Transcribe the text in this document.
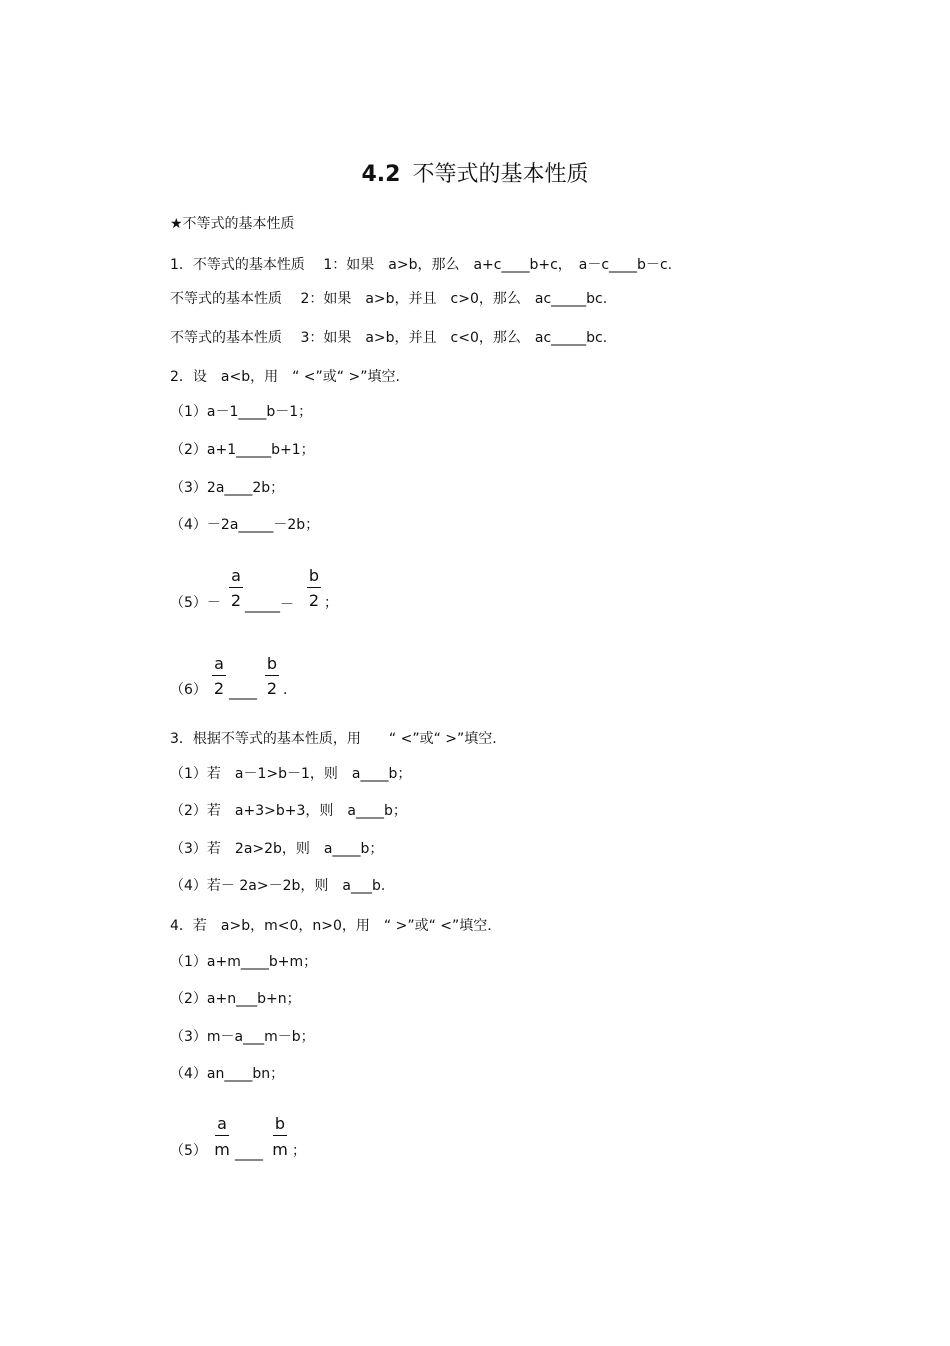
4.2 不等式的基本性质
★不等式的基本性质
1．不等式的基本性质　 1：如果　a>b，那么　a+c____b+c，　a－c____b－c.
不等式的基本性质　 2：如果　a>b，并且　c>0，那么　ac_____bc.
不等式的基本性质　 3：如果　a>b，并且　c<0，那么　ac_____bc.
2．设　a<b，用　“ <”或“ >”填空.
（1）a－1____b－1；
（2）a+1_____b+1；
（3）2a____2b；
（4）－2a_____－2b；
（5）－
a
2 _____－
b
2 ；
（6）
a
2 ____
b
2 .
3．根据不等式的基本性质，用　　“ <”或“ >”填空.
（1）若　a－1>b－1，则　a____b；
（2）若　a+3>b+3，则　a____b；
（3）若　2a>2b，则　a____b；
（4）若－ 2a>－2b，则　a___b.
4．若　a>b，m<0，n>0，用　“ >”或“ <”填空.
（1）a+m____b+m；
（2）a+n___b+n；
（3）m－a___m－b；
（4）an____bn；
（5）
a
m ____
b
m ；
